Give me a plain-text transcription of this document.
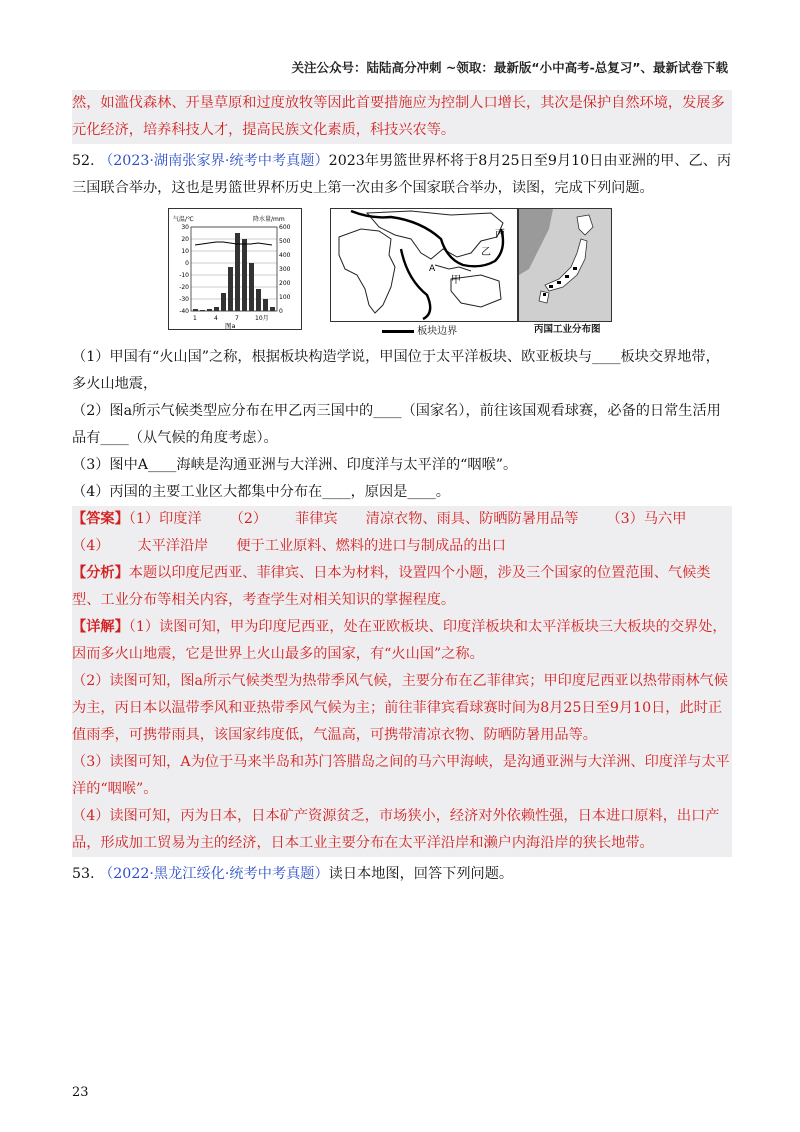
关注公众号：陆陆高分冲刺 ~领取：最新版“小中高考-总复习”、最新试卷下载

然，如滥伐森林、开垦草原和过度放牧等因此首要措施应为控制人口增长，其次是保护自然环境，发展多元化经济，培养科技人才，提高民族文化素质，科技兴农等。

52. （2023·湖南张家界·统考中考真题）2023年男篮世界杯将于8月25日至9月10日由亚洲的甲、乙、丙三国联合举办，这也是男篮世界杯历史上第一次由多个国家联合举办，读图，完成下列问题。

气温/℃	降水量/mm
30
20
10
0
-10
-20
-30
-40
600
500
400
300
200
100
0
1	4	7	10月
图a
丙
乙
甲
A
板块边界	丙国工业分布图

（1）甲国有“火山国”之称，根据板块构造学说，甲国位于太平洋板块、欧亚板块与____板块交界地带，多火山地震，

（2）图a所示气候类型应分布在甲乙丙三国中的____（国家名），前往该国观看球赛，必备的日常生活用品有____（从气候的角度考虑）。

（3）图中A____海峡是沟通亚洲与大洋洲、印度洋与太平洋的“咽喉”。

（4）丙国的主要工业区大都集中分布在____，原因是____。

【答案】（1）印度洋 （2） 菲律宾 清凉衣物、雨具、防晒防暑用品等 （3）马六甲

（4） 太平洋沿岸 便于工业原料、燃料的进口与制成品的出口

【分析】本题以印度尼西亚、菲律宾、日本为材料，设置四个小题，涉及三个国家的位置范围、气候类型、工业分布等相关内容，考查学生对相关知识的掌握程度。

【详解】（1）读图可知，甲为印度尼西亚，处在亚欧板块、印度洋板块和太平洋板块三大板块的交界处，因而多火山地震，它是世界上火山最多的国家，有“火山国”之称。

（2）读图可知，图a所示气候类型为热带季风气候，主要分布在乙菲律宾；甲印度尼西亚以热带雨林气候为主，丙日本以温带季风和亚热带季风气候为主；前往菲律宾看球赛时间为8月25日至9月10日，此时正值雨季，可携带雨具，该国家纬度低，气温高，可携带清凉衣物、防晒防暑用品等。

（3）读图可知，A为位于马来半岛和苏门答腊岛之间的马六甲海峡，是沟通亚洲与大洋洲、印度洋与太平洋的“咽喉”。

（4）读图可知，丙为日本，日本矿产资源贫乏，市场狭小，经济对外依赖性强，日本进口原料，出口产品，形成加工贸易为主的经济，日本工业主要分布在太平洋沿岸和濑户内海沿岸的狭长地带。

53. （2022·黑龙江绥化·统考中考真题）读日本地图，回答下列问题。

23
